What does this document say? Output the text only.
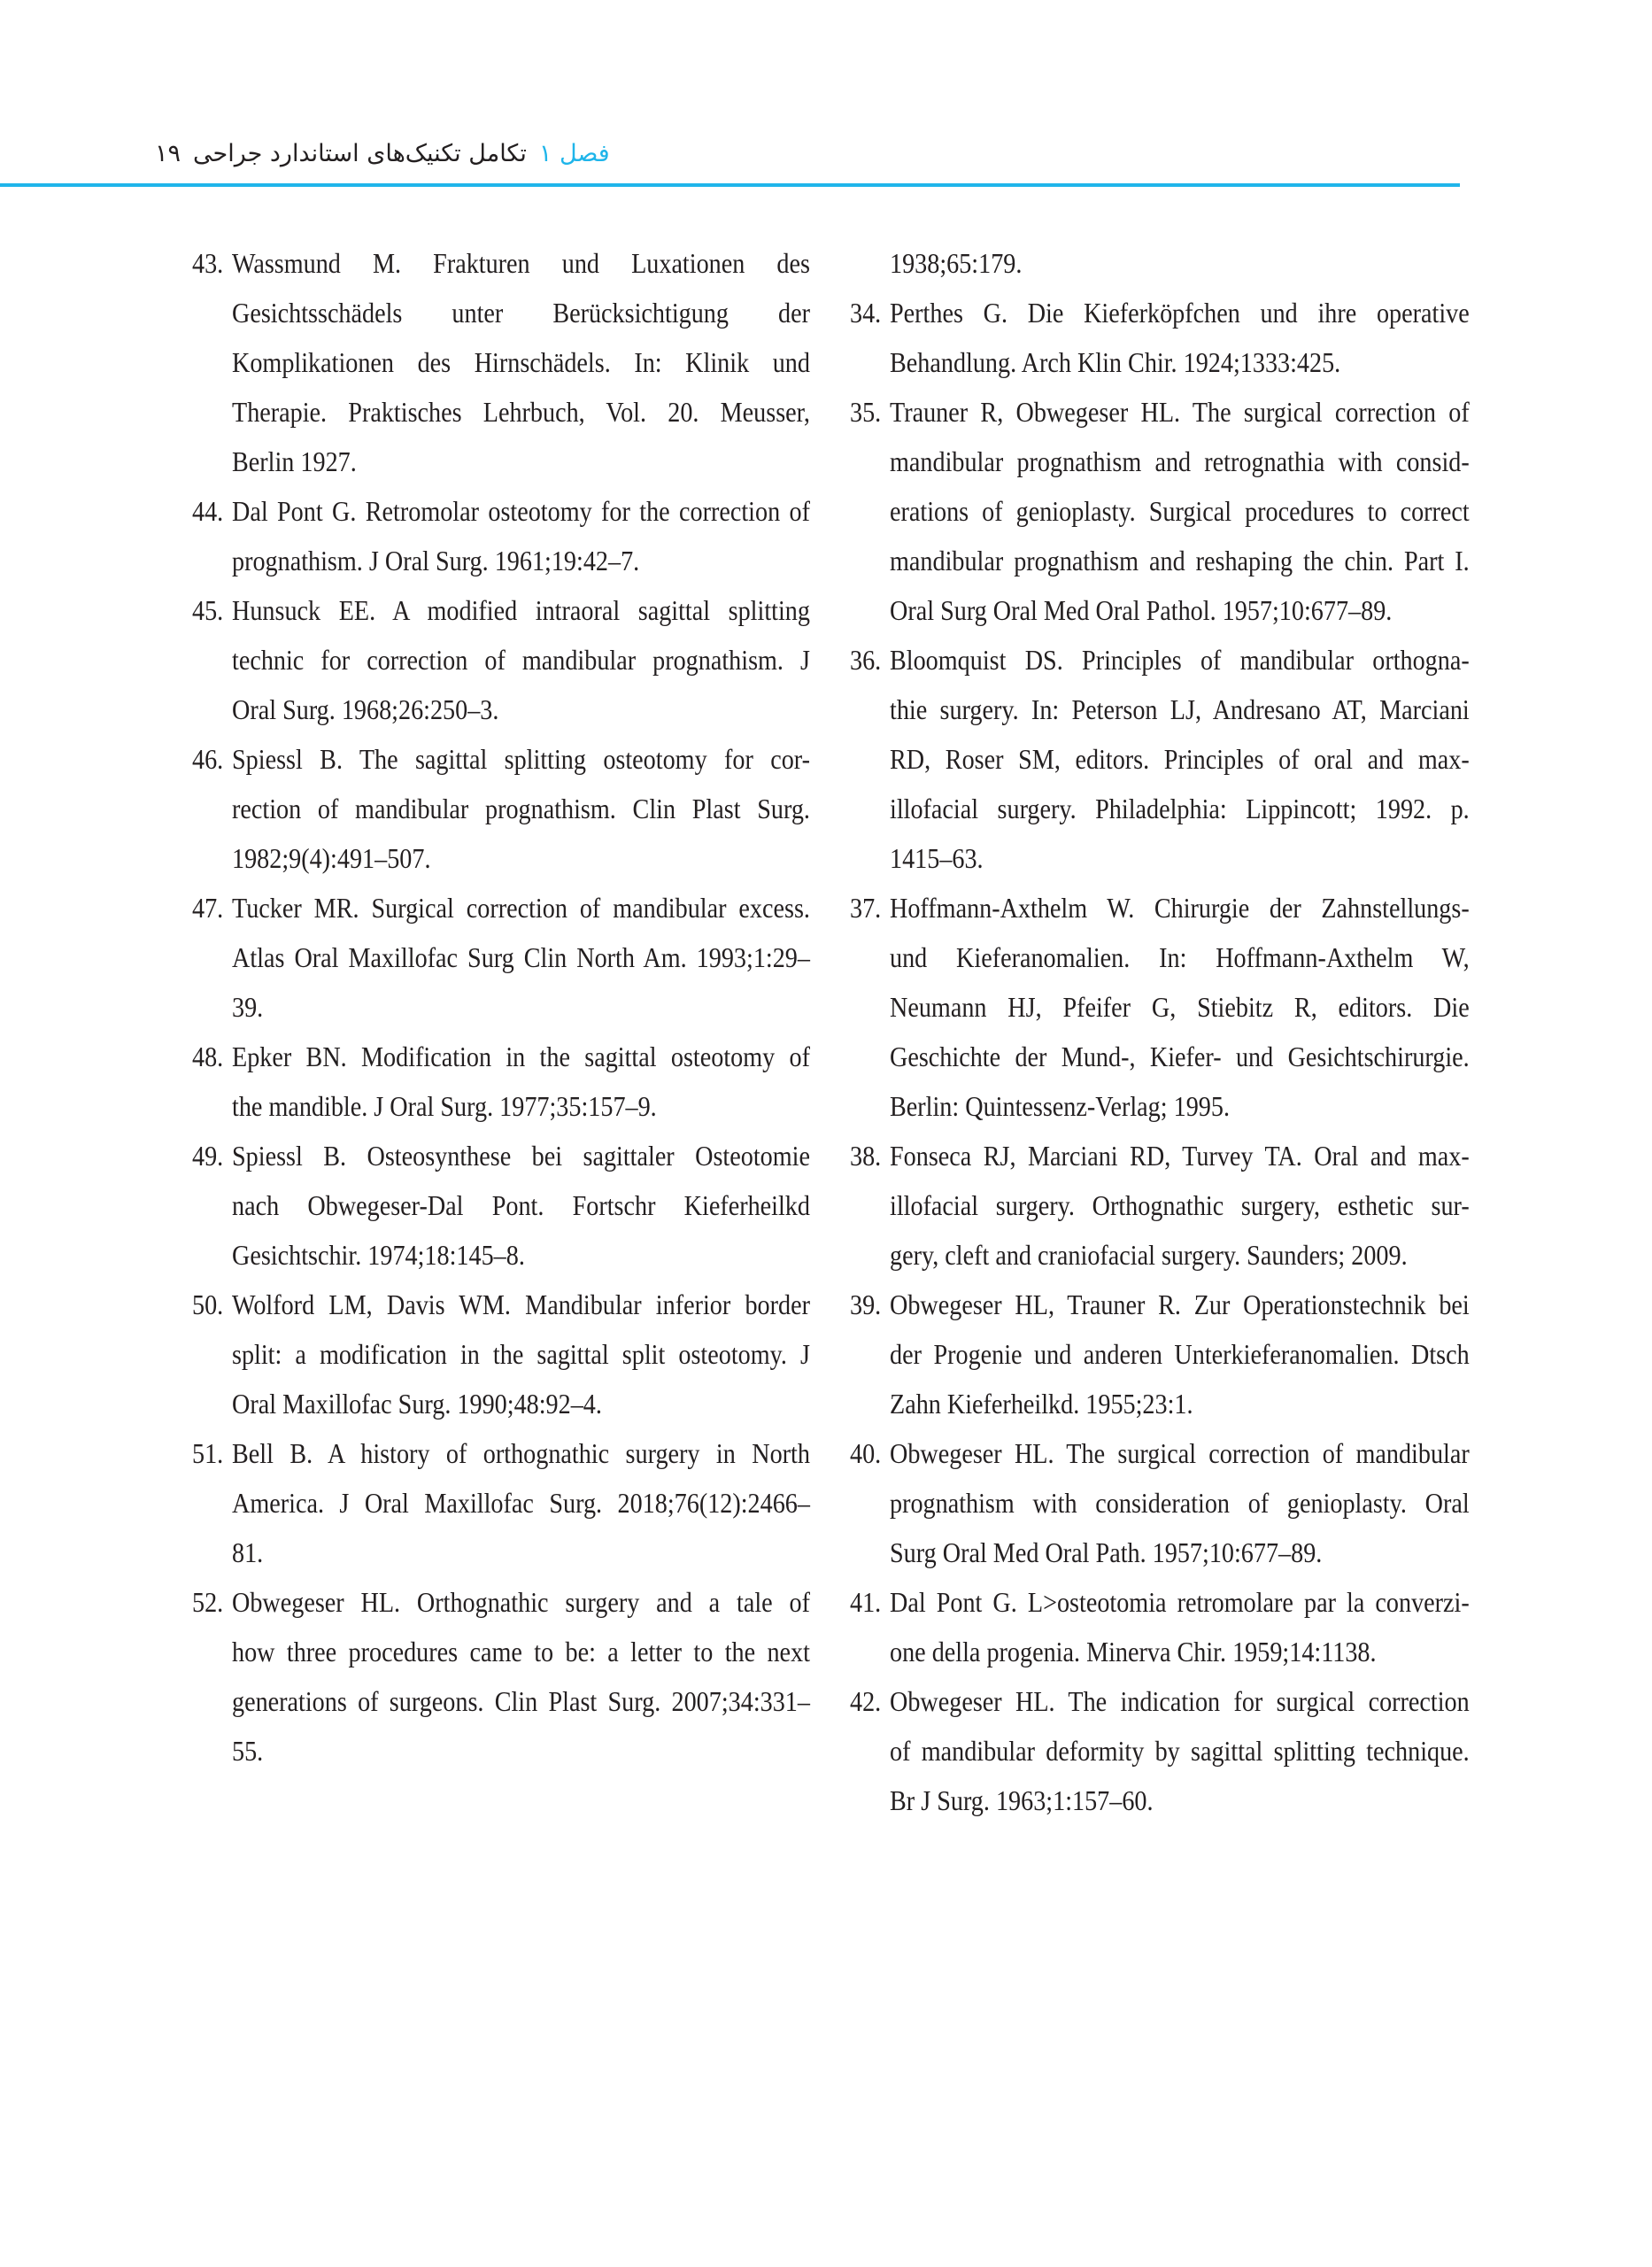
فصل ۱تکامل تکنیک‌های استاندارد جراحی۱۹
43. Wassmund M. Frakturen und Luxationen des
Gesichtsschädels unter Berücksichtigung der
Komplikationen des Hirnschädels. In: Klinik und
Therapie. Praktisches Lehrbuch, Vol. 20. Meusser,
Berlin 1927.
44. Dal Pont G. Retromolar osteotomy for the correction of
prognathism. J Oral Surg. 1961;19:42–7.
45. Hunsuck EE. A modified intraoral sagittal splitting
technic for correction of mandibular prognathism. J
Oral Surg. 1968;26:250–3.
46. Spiessl B. The sagittal splitting osteotomy for cor-
rection of mandibular prognathism. Clin Plast Surg.
1982;9(4):491–507.
47. Tucker MR. Surgical correction of mandibular excess.
Atlas Oral Maxillofac Surg Clin North Am. 1993;1:29–
39.
48. Epker BN. Modification in the sagittal osteotomy of
the mandible. J Oral Surg. 1977;35:157–9.
49. Spiessl B. Osteosynthese bei sagittaler Osteotomie
nach Obwegeser-Dal Pont. Fortschr Kieferheilkd
Gesichtschir. 1974;18:145–8.
50. Wolford LM, Davis WM. Mandibular inferior border
split: a modification in the sagittal split osteotomy. J
Oral Maxillofac Surg. 1990;48:92–4.
51. Bell B. A history of orthognathic surgery in North
America. J Oral Maxillofac Surg. 2018;76(12):2466–
81.
52. Obwegeser HL. Orthognathic surgery and a tale of
how three procedures came to be: a letter to the next
generations of surgeons. Clin Plast Surg. 2007;34:331–
55.
1938;65:179.
34. Perthes G. Die Kieferköpfchen und ihre operative
Behandlung. Arch Klin Chir. 1924;1333:425.
35. Trauner R, Obwegeser HL. The surgical correction of
mandibular prognathism and retrognathia with consid-
erations of genioplasty. Surgical procedures to correct
mandibular prognathism and reshaping the chin. Part I.
Oral Surg Oral Med Oral Pathol. 1957;10:677–89.
36. Bloomquist DS. Principles of mandibular orthogna-
thie surgery. In: Peterson LJ, Andresano AT, Marciani
RD, Roser SM, editors. Principles of oral and max-
illofacial surgery. Philadelphia: Lippincott; 1992. p.
1415–63.
37. Hoffmann-Axthelm W. Chirurgie der Zahnstellungs-
und Kieferanomalien. In: Hoffmann-Axthelm W,
Neumann HJ, Pfeifer G, Stiebitz R, editors. Die
Geschichte der Mund-, Kiefer- und Gesichtschirurgie.
Berlin: Quintessenz-Verlag; 1995.
38. Fonseca RJ, Marciani RD, Turvey TA. Oral and max-
illofacial surgery. Orthognathic surgery, esthetic sur-
gery, cleft and craniofacial surgery. Saunders; 2009.
39. Obwegeser HL, Trauner R. Zur Operationstechnik bei
der Progenie und anderen Unterkieferanomalien. Dtsch
Zahn Kieferheilkd. 1955;23:1.
40. Obwegeser HL. The surgical correction of mandibular
prognathism with consideration of genioplasty. Oral
Surg Oral Med Oral Path. 1957;10:677–89.
41. Dal Pont G. L>osteotomia retromolare par la converzi-
one della progenia. Minerva Chir. 1959;14:1138.
42. Obwegeser HL. The indication for surgical correction
of mandibular deformity by sagittal splitting technique.
Br J Surg. 1963;1:157–60.
